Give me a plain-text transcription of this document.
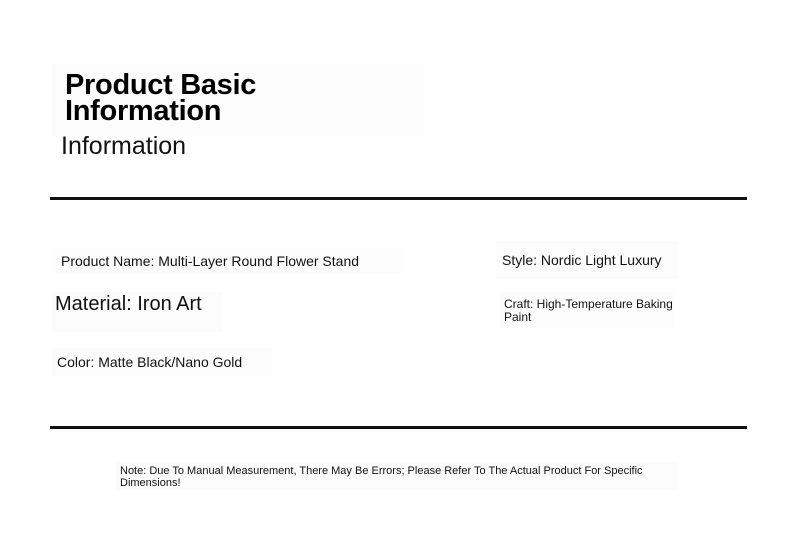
Product Basic Information
Information
Product Name: Multi-Layer Round Flower Stand	Style: Nordic Light Luxury
Material: Iron Art	Craft: High-Temperature Baking Paint
Color: Matte Black/Nano Gold
Note: Due To Manual Measurement, There May Be Errors; Please Refer To The Actual Product For Specific Dimensions!
